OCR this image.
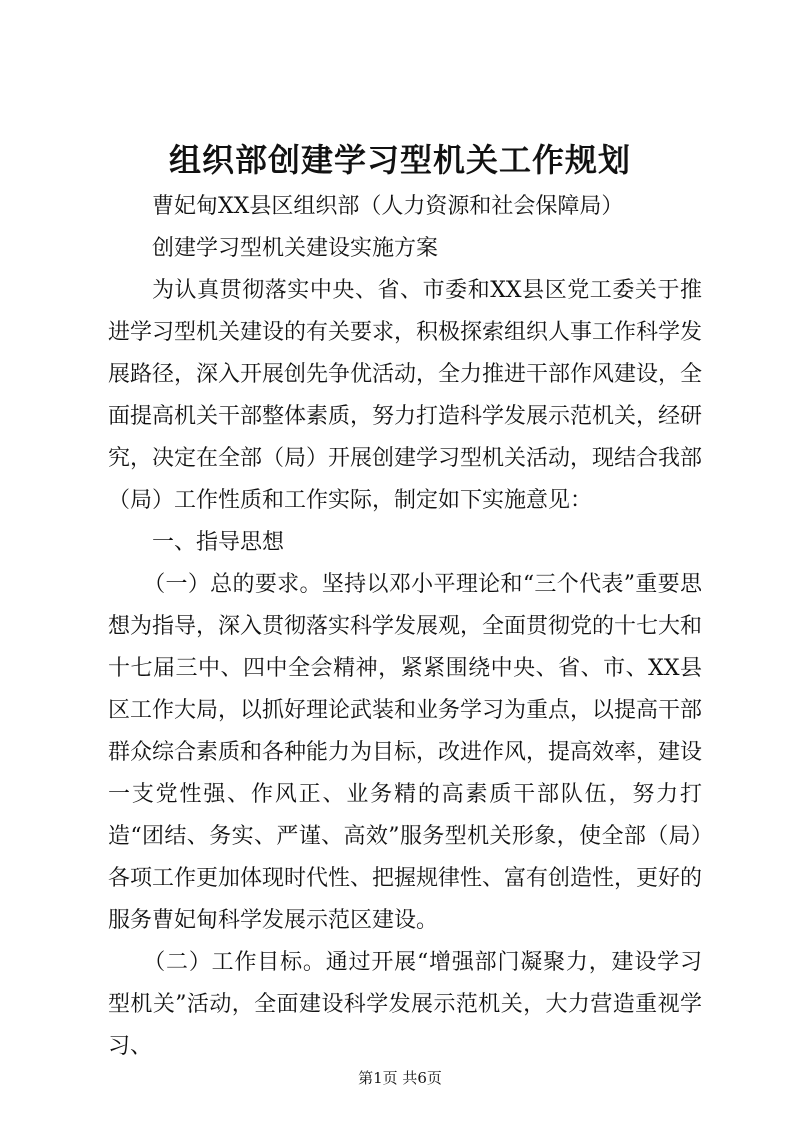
组织部创建学习型机关工作规划

曹妃甸XX县区组织部（人力资源和社会保障局）

创建学习型机关建设实施方案

为认真贯彻落实中央、省、市委和XX县区党工委关于推进学习型机关建设的有关要求，积极探索组织人事工作科学发展路径，深入开展创先争优活动，全力推进干部作风建设，全面提高机关干部整体素质，努力打造科学发展示范机关，经研究，决定在全部（局）开展创建学习型机关活动，现结合我部（局）工作性质和工作实际，制定如下实施意见：

一、指导思想

（一）总的要求。坚持以邓小平理论和“三个代表”重要思想为指导，深入贯彻落实科学发展观，全面贯彻党的十七大和十七届三中、四中全会精神，紧紧围绕中央、省、市、XX县区工作大局，以抓好理论武装和业务学习为重点，以提高干部群众综合素质和各种能力为目标，改进作风，提高效率，建设一支党性强、作风正、业务精的高素质干部队伍，努力打造“团结、务实、严谨、高效”服务型机关形象，使全部（局）各项工作更加体现时代性、把握规律性、富有创造性，更好的服务曹妃甸科学发展示范区建设。

（二）工作目标。通过开展“增强部门凝聚力，建设学习型机关”活动，全面建设科学发展示范机关，大力营造重视学习、

第1页 共6页
